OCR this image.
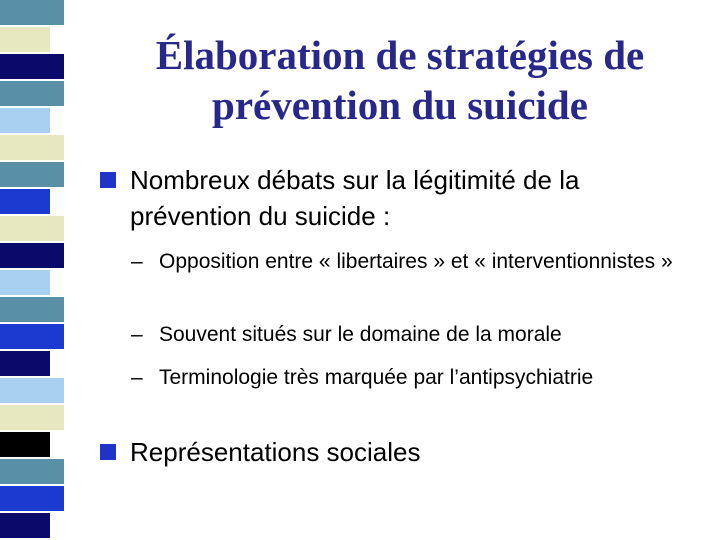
Élaboration de stratégies de
prévention du suicide
Nombreux débats sur la légitimité de la prévention du suicide :
– Opposition entre « libertaires » et « interventionnistes »
– Souvent situés sur le domaine de la morale
– Terminologie très marquée par l’antipsychiatrie
Représentations sociales
